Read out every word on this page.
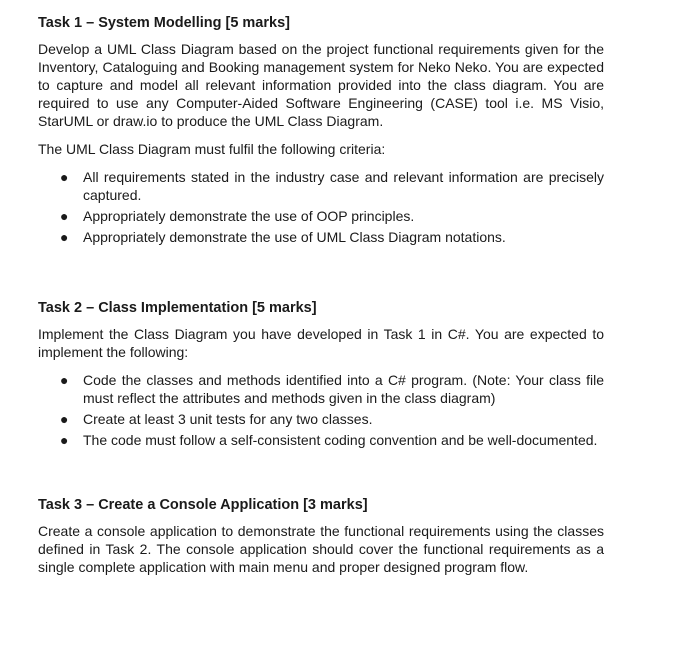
Task 1 – System Modelling [5 marks]

Develop a UML Class Diagram based on the project functional requirements given for the Inventory, Cataloguing and Booking management system for Neko Neko. You are expected to capture and model all relevant information provided into the class diagram. You are required to use any Computer-Aided Software Engineering (CASE) tool i.e. MS Visio, StarUML or draw.io to produce the UML Class Diagram.

The UML Class Diagram must fulfil the following criteria:

● All requirements stated in the industry case and relevant information are precisely captured.
● Appropriately demonstrate the use of OOP principles.
● Appropriately demonstrate the use of UML Class Diagram notations.
Task 2 – Class Implementation [5 marks]

Implement the Class Diagram you have developed in Task 1 in C#. You are expected to implement the following:

● Code the classes and methods identified into a C# program. (Note: Your class file must reflect the attributes and methods given in the class diagram)
● Create at least 3 unit tests for any two classes.
● The code must follow a self-consistent coding convention and be well-documented.
Task 3 – Create a Console Application [3 marks]

Create a console application to demonstrate the functional requirements using the classes defined in Task 2. The console application should cover the functional requirements as a single complete application with main menu and proper designed program flow.
